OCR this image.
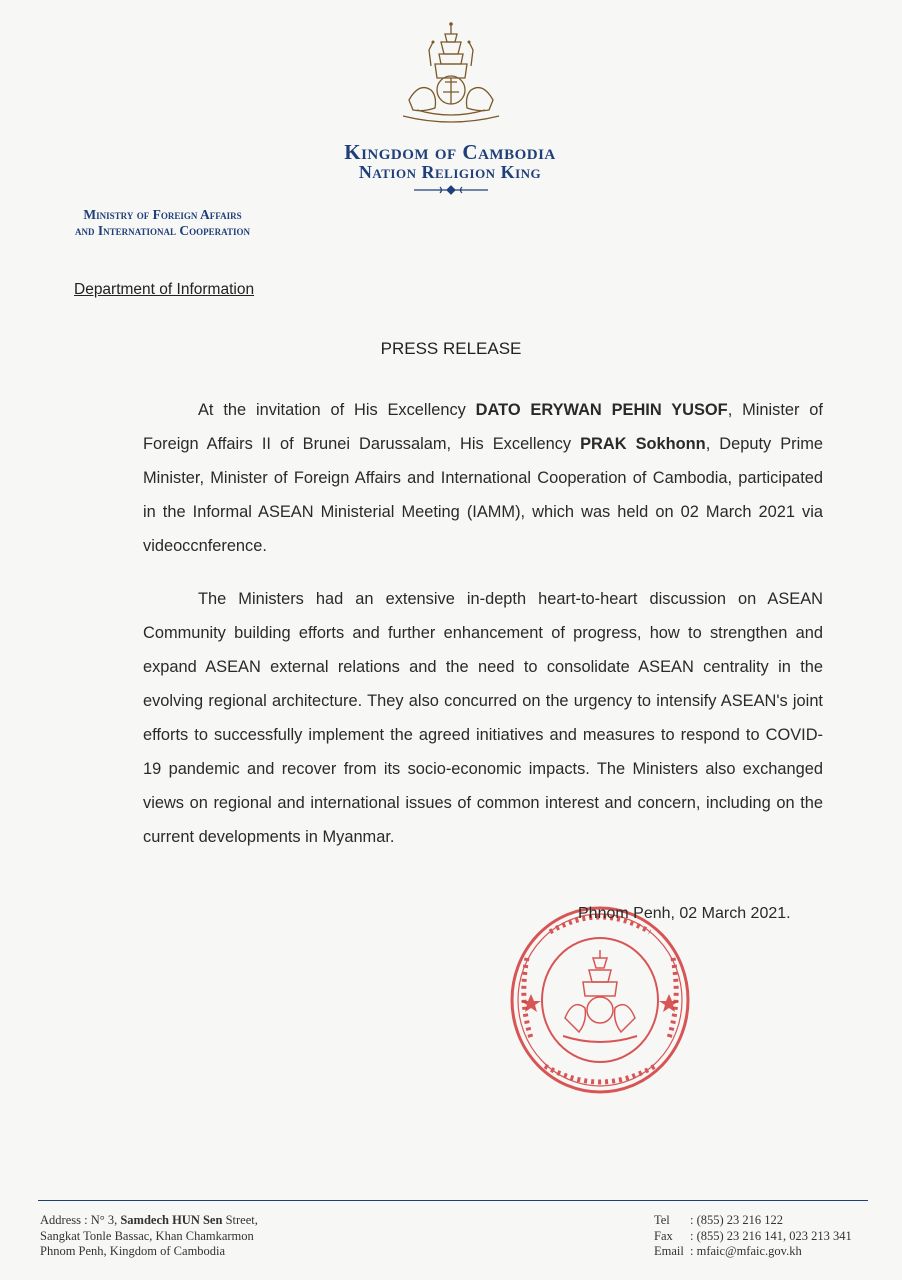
Kingdom of Cambodia
Nation Religion King
Ministry of Foreign Affairs
and International Cooperation
Department of Information
PRESS RELEASE
At the invitation of His Excellency DATO ERYWAN PEHIN YUSOF, Minister of Foreign Affairs II of Brunei Darussalam, His Excellency PRAK Sokhonn, Deputy Prime Minister, Minister of Foreign Affairs and International Cooperation of Cambodia, participated in the Informal ASEAN Ministerial Meeting (IAMM), which was held on 02 March 2021 via videoccnference.
The Ministers had an extensive in-depth heart-to-heart discussion on ASEAN Community building efforts and further enhancement of progress, how to strengthen and expand ASEAN external relations and the need to consolidate ASEAN centrality in the evolving regional architecture. They also concurred on the urgency to intensify ASEAN's joint efforts to successfully implement the agreed initiatives and measures to respond to COVID-19 pandemic and recover from its socio-economic impacts. The Ministers also exchanged views on regional and international issues of common interest and concern, including on the current developments in Myanmar.
Phnom Penh, 02 March 2021.
Address : N° 3, Samdech HUN Sen Street,
Sangkat Tonle Bassac, Khan Chamkarmon
Phnom Penh, Kingdom of Cambodia
Tel : (855) 23 216 122
Fax : (855) 23 216 141, 023 213 341
Email : mfaic@mfaic.gov.kh
